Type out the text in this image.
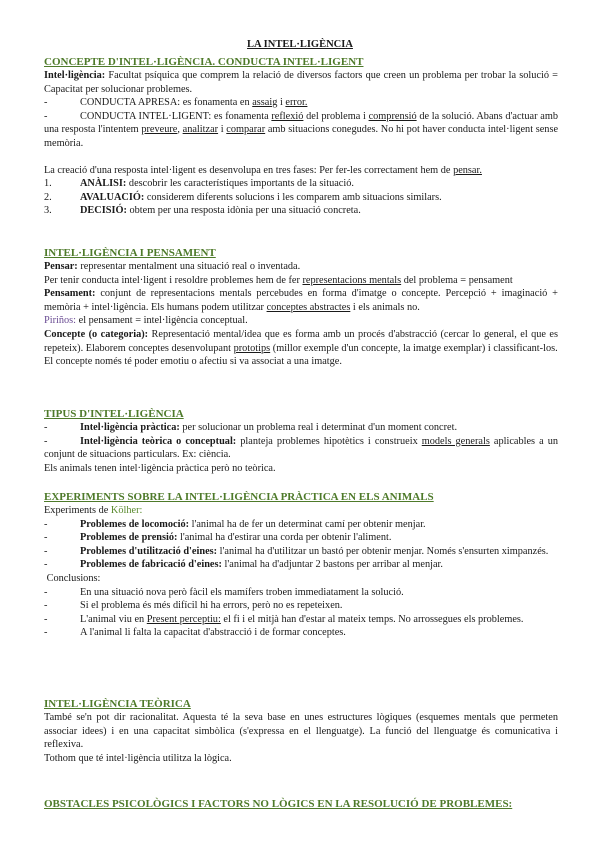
LA INTEL·LIGÈNCIA

CONCEPTE D'INTEL·LIGÈNCIA. CONDUCTA INTEL·LIGENT

Intel·ligència: Facultat psíquica que comprem la relació de diversos factors que creen un problema per trobar la solució = Capacitat per solucionar problemes.

-	CONDUCTA APRESA: es fonamenta en assaig i error.

-	CONDUCTA INTEL·LIGENT: es fonamenta reflexió del problema i comprensió de la solució. Abans d'actuar amb una resposta l'intentem preveure, analitzar i comparar amb situacions conegudes. No hi pot haver conducta intel·ligent sense memòria.

La creació d'una resposta intel·ligent es desenvolupa en tres fases: Per fer-les correctament hem de pensar.

1.	ANÀLISI: descobrir les característiques importants de la situació.
2.	AVALUACIÓ: considerem diferents solucions i les comparem amb situacions similars.
3.	DECISIÓ: obtem per una resposta idònia per una situació concreta.

INTEL·LIGÈNCIA I PENSAMENT

Pensar: representar mentalment una situació real o inventada.

Per tenir conducta intel·ligent i resoldre problemes hem de fer representacions mentals del problema = pensament

Pensament: conjunt de representacions mentals percebudes en forma d'imatge o concepte. Percepció + imaginació + memòria + intel·ligència. Els humans podem utilitzar conceptes abstractes i els animals no.

Piriños: el pensament = intel·ligència conceptual.

Concepte (o categoria): Representació mental/idea que es forma amb un procés d'abstracció (cercar lo general, el que es repeteix). Elaborem conceptes desenvolupant prototips (millor exemple d'un concepte, la imatge exemplar) i classificant-los.

El concepte només té poder emotiu o afectiu si va associat a una imatge.

TIPUS D'INTEL·LIGÈNCIA

-	Intel·ligència pràctica: per solucionar un problema real i determinat d'un moment concret.

-	Intel·ligència teòrica o conceptual: planteja problemes hipotètics i construeix models generals aplicables a un conjunt de situacions particulars. Ex: ciència.

Els animals tenen intel·ligència pràctica però no teòrica.

EXPERIMENTS SOBRE LA INTEL·LIGÈNCIA PRÀCTICA EN ELS ANIMALS

Experiments de Kölher:

-	Problemes de locomoció: l'animal ha de fer un determinat camí per obtenir menjar.
-	Problemes de prensió: l'animal ha d'estirar una corda per obtenir l'aliment.

-	Problemes d'utilització d'eines: l'animal ha d'utilitzar un bastó per obtenir menjar. Només s'ensurten ximpanzés.

-	Problemes de fabricació d'eines: l'animal ha d'adjuntar 2 bastons per arribar al menjar.

Conclusions:

-	En una situació nova però fàcil els mamífers troben immediatament la solució.
-	Si el problema és més difícil hi ha errors, però no es repeteixen.

-	L'animal viu en Present perceptiu: el fi i el mitjà han d'estar al mateix temps. No arrossegues els problemes.

-	A l'animal li falta la capacitat d'abstracció i de formar conceptes.

INTEL·LIGÈNCIA TEÒRICA

També se'n pot dir racionalitat. Aquesta té la seva base en unes estructures lògiques (esquemes mentals que permeten associar idees) i en una capacitat simbòlica (s'expressa en el llenguatge). La funció del llenguatge és comunicativa i reflexiva.

Tothom que té intel·ligència utilitza la lògica.

OBSTACLES PSICOLÒGICS I FACTORS NO LÒGICS EN LA RESOLUCIÓ DE PROBLEMES:
